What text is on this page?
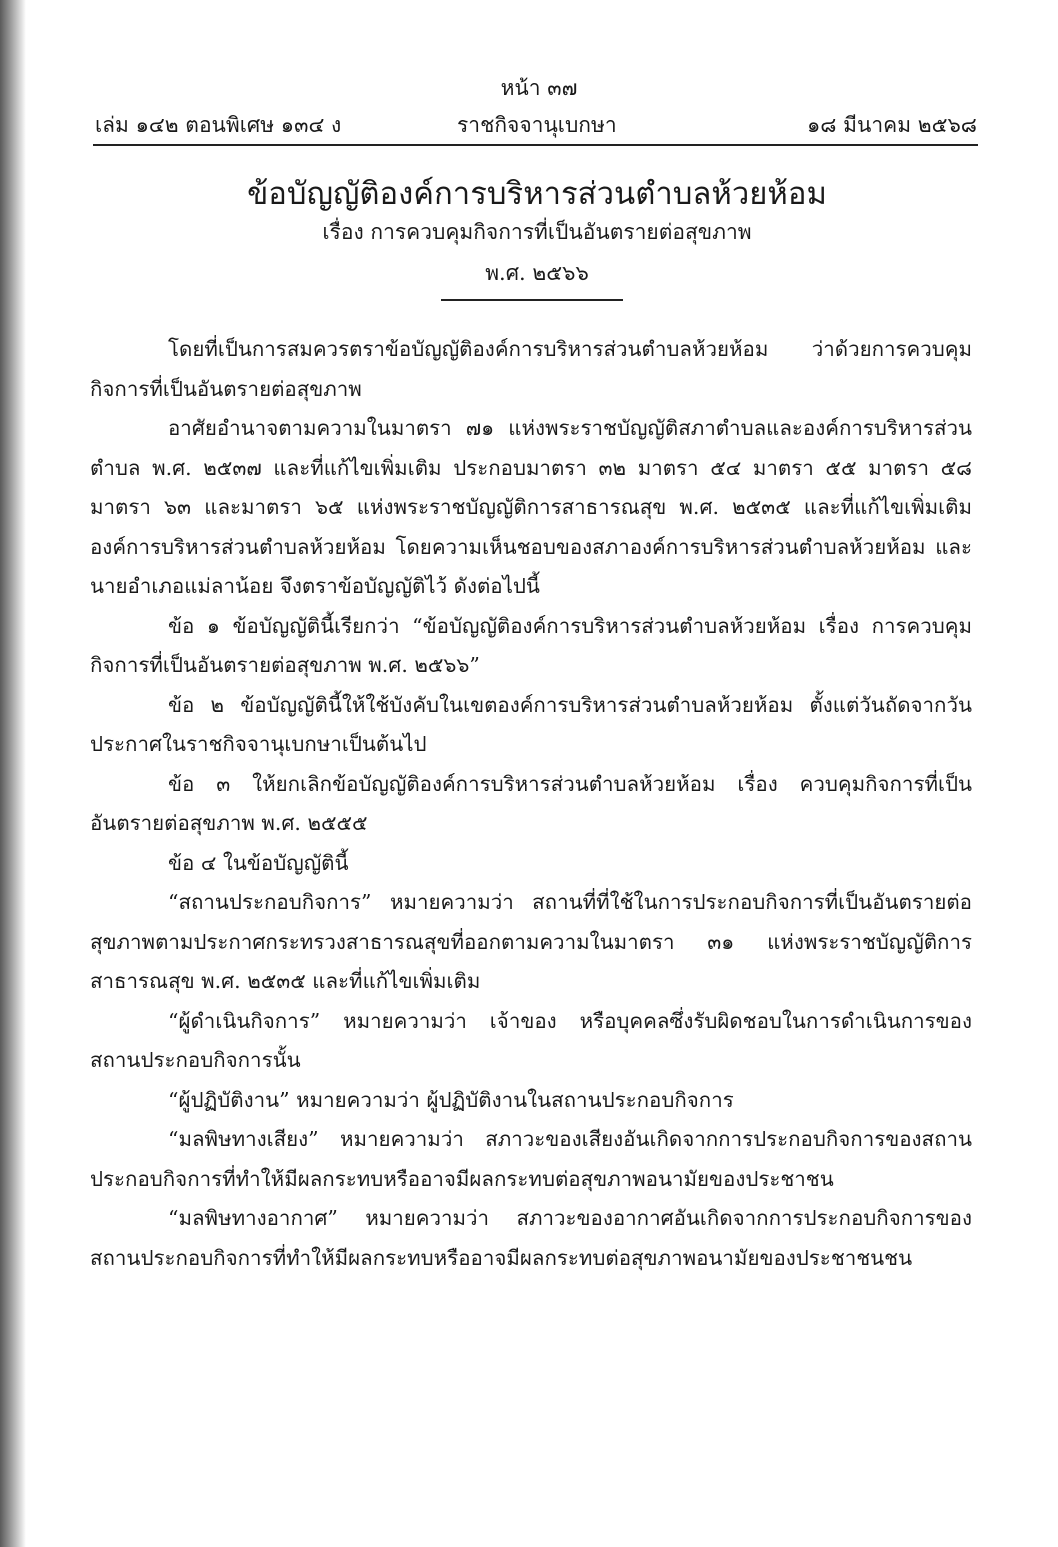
หน้า ๓๗
เล่ม ๑๔๒ ตอนพิเศษ ๑๓๔ ง	ราชกิจจานุเบกษา	๑๘ มีนาคม ๒๕๖๘
ข้อบัญญัติองค์การบริหารส่วนตำบลห้วยห้อม
เรื่อง การควบคุมกิจการที่เป็นอันตรายต่อสุขภาพ
พ.ศ. ๒๕๖๖

โดยที่เป็นการสมควรตราข้อบัญญัติองค์การบริหารส่วนตำบลห้วยห้อม ว่าด้วยการควบคุมกิจการที่เป็นอันตรายต่อสุขภาพ

อาศัยอำนาจตามความในมาตรา ๗๑ แห่งพระราชบัญญัติสภาตำบลและองค์การบริหารส่วนตำบล พ.ศ. ๒๕๓๗ และที่แก้ไขเพิ่มเติม ประกอบมาตรา ๓๒ มาตรา ๕๔ มาตรา ๕๕ มาตรา ๕๘ มาตรา ๖๓ และมาตรา ๖๕ แห่งพระราชบัญญัติการสาธารณสุข พ.ศ. ๒๕๓๕ และที่แก้ไขเพิ่มเติม องค์การบริหารส่วนตำบลห้วยห้อม โดยความเห็นชอบของสภาองค์การบริหารส่วนตำบลห้วยห้อม และนายอำเภอแม่ลาน้อย จึงตราข้อบัญญัติไว้ ดังต่อไปนี้

ข้อ ๑ ข้อบัญญัตินี้เรียกว่า “ข้อบัญญัติองค์การบริหารส่วนตำบลห้วยห้อม เรื่อง การควบคุมกิจการที่เป็นอันตรายต่อสุขภาพ พ.ศ. ๒๕๖๖”

ข้อ ๒ ข้อบัญญัตินี้ให้ใช้บังคับในเขตองค์การบริหารส่วนตำบลห้วยห้อม ตั้งแต่วันถัดจากวันประกาศในราชกิจจานุเบกษาเป็นต้นไป

ข้อ ๓ ให้ยกเลิกข้อบัญญัติองค์การบริหารส่วนตำบลห้วยห้อม เรื่อง ควบคุมกิจการที่เป็นอันตรายต่อสุขภาพ พ.ศ. ๒๕๕๕

ข้อ ๔ ในข้อบัญญัตินี้

“สถานประกอบกิจการ” หมายความว่า สถานที่ที่ใช้ในการประกอบกิจการที่เป็นอันตรายต่อสุขภาพตามประกาศกระทรวงสาธารณสุขที่ออกตามความในมาตรา ๓๑ แห่งพระราชบัญญัติการสาธารณสุข พ.ศ. ๒๕๓๕ และที่แก้ไขเพิ่มเติม

“ผู้ดำเนินกิจการ” หมายความว่า เจ้าของ หรือบุคคลซึ่งรับผิดชอบในการดำเนินการของสถานประกอบกิจการนั้น

“ผู้ปฏิบัติงาน” หมายความว่า ผู้ปฏิบัติงานในสถานประกอบกิจการ

“มลพิษทางเสียง” หมายความว่า สภาวะของเสียงอันเกิดจากการประกอบกิจการของสถานประกอบกิจการที่ทำให้มีผลกระทบหรืออาจมีผลกระทบต่อสุขภาพอนามัยของประชาชน

“มลพิษทางอากาศ” หมายความว่า สภาวะของอากาศอันเกิดจากการประกอบกิจการของสถานประกอบกิจการที่ทำให้มีผลกระทบหรืออาจมีผลกระทบต่อสุขภาพอนามัยของประชาชนชน
